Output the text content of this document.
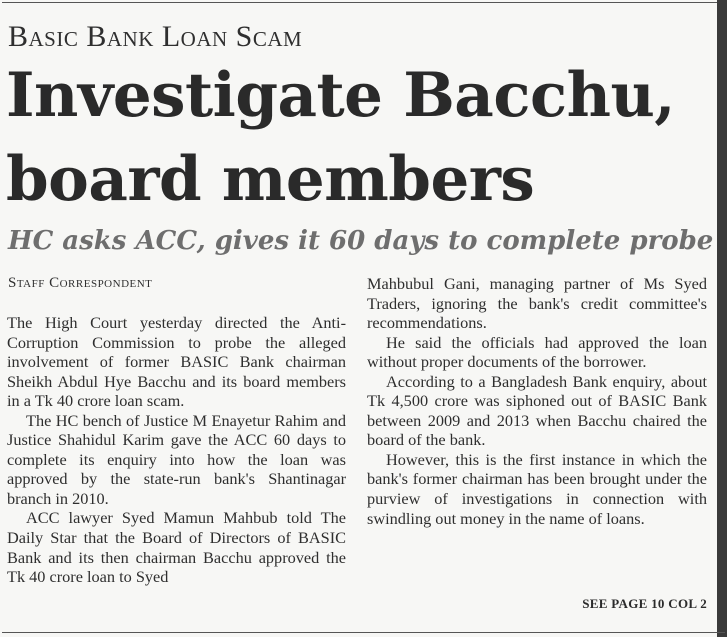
Basic Bank Loan Scam
Investigate Bacchu,
board members
HC asks ACC, gives it 60 days to complete probe
Staff Correspondent

The High Court yesterday directed the Anti-Corruption Commission to probe the alleged involvement of former BASIC Bank chairman Sheikh Abdul Hye Bacchu and its board members in a Tk 40 crore loan scam.

The HC bench of Justice M Enayetur Rahim and Justice Shahidul Karim gave the ACC 60 days to complete its enquiry into how the loan was approved by the state-run bank's Shantinagar branch in 2010.

ACC lawyer Syed Mamun Mahbub told The Daily Star that the Board of Directors of BASIC Bank and its then chairman Bacchu approved the Tk 40 crore loan to Syed

Mahbubul Gani, managing partner of Ms Syed Traders, ignoring the bank's credit committee's recommendations.

He said the officials had approved the loan without proper documents of the borrower.

According to a Bangladesh Bank enquiry, about Tk 4,500 crore was siphoned out of BASIC Bank between 2009 and 2013 when Bacchu chaired the board of the bank.

However, this is the first instance in which the bank's former chairman has been brought under the purview of investigations in connection with swindling out money in the name of loans.

SEE PAGE 10 COL 2
